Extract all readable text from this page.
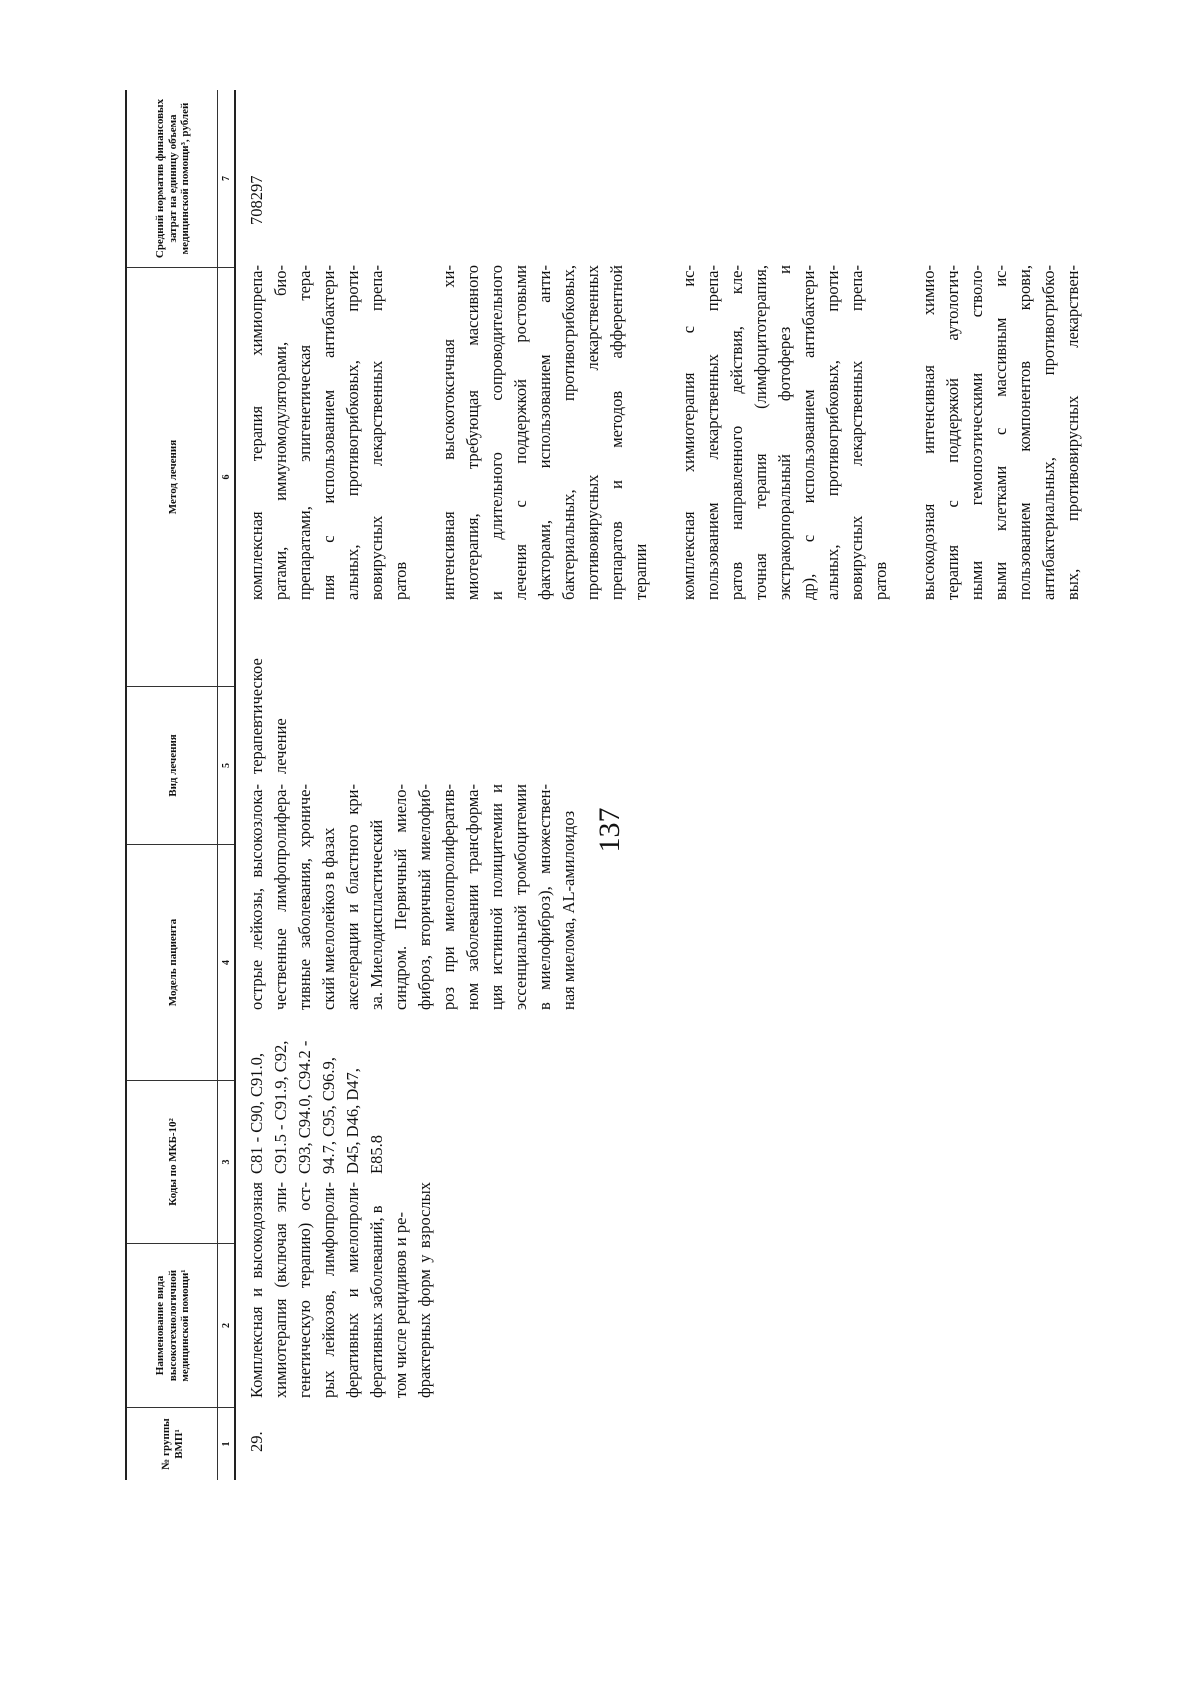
137
№ группы ВМП¹
Наименование вида высокотехнологичной медицинской помощи¹
Коды по МКБ-10²
Модель пациента
Вид лечения
Метод лечения
Средний норматив финансовых затрат на единицу объема медицинской помощи³, рублей
1
2
3
4
5
6
7
29.
Комплексная и высокодозная химиотерапия (включая эпи- генетическую терапию) ост- рых лейкозов, лимфопроли- феративных и миелопроли- феративных заболеваний, в том числе рецидивов и ре- фрактерных форм у взрослых
C81 - C90, C91.0, C91.5 - C91.9, C92, C93, C94.0, C94.2 - 94.7, C95, C96.9, D45, D46, D47, E85.8
острые лейкозы, высокозлока- чественные лимфопролифера- тивные заболевания, хрониче- ский миелолейкоз в фазах акселерации и бластного кри- за. Миелодиспластический синдром. Первичный миело- фиброз, вторичный миелофиб- роз при миелопролифератив- ном заболевании трансформа- ция истинной полицитемии и эссенциальной тромбоцитемии в миелофиброз), множествен- ная миелома, AL-амилоидоз
терапевтическое лечение
комплексная терапия химиопрепа- ратами, иммуномодуляторами, био- препаратами, эпигенетическая тера- пия с использованием антибактери- альных, противогрибковых, проти- вовирусных лекарственных препа- ратов интенсивная высокотоксичная хи- миотерапия, требующая массивного и длительного сопроводительного лечения с поддержкой ростовыми факторами, использованием анти- бактериальных, противогрибковых, противовирусных лекарственных препаратов и методов афферентной терапии комплексная химиотерапия с ис- пользованием лекарственных препа- ратов направленного действия, кле- точная терапия (лимфоцитотерапия, экстракорпоральный фотоферез и др), с использованием антибактери- альных, противогрибковых, проти- вовирусных лекарственных препа- ратов высокодозная интенсивная химио- терапия с поддержкой аутологич- ными гемопоэтическими стволо- выми клетками с массивным ис- пользованием компонентов крови, антибактериальных, противогрибко- вых, противовирусных лекарствен-
708297
